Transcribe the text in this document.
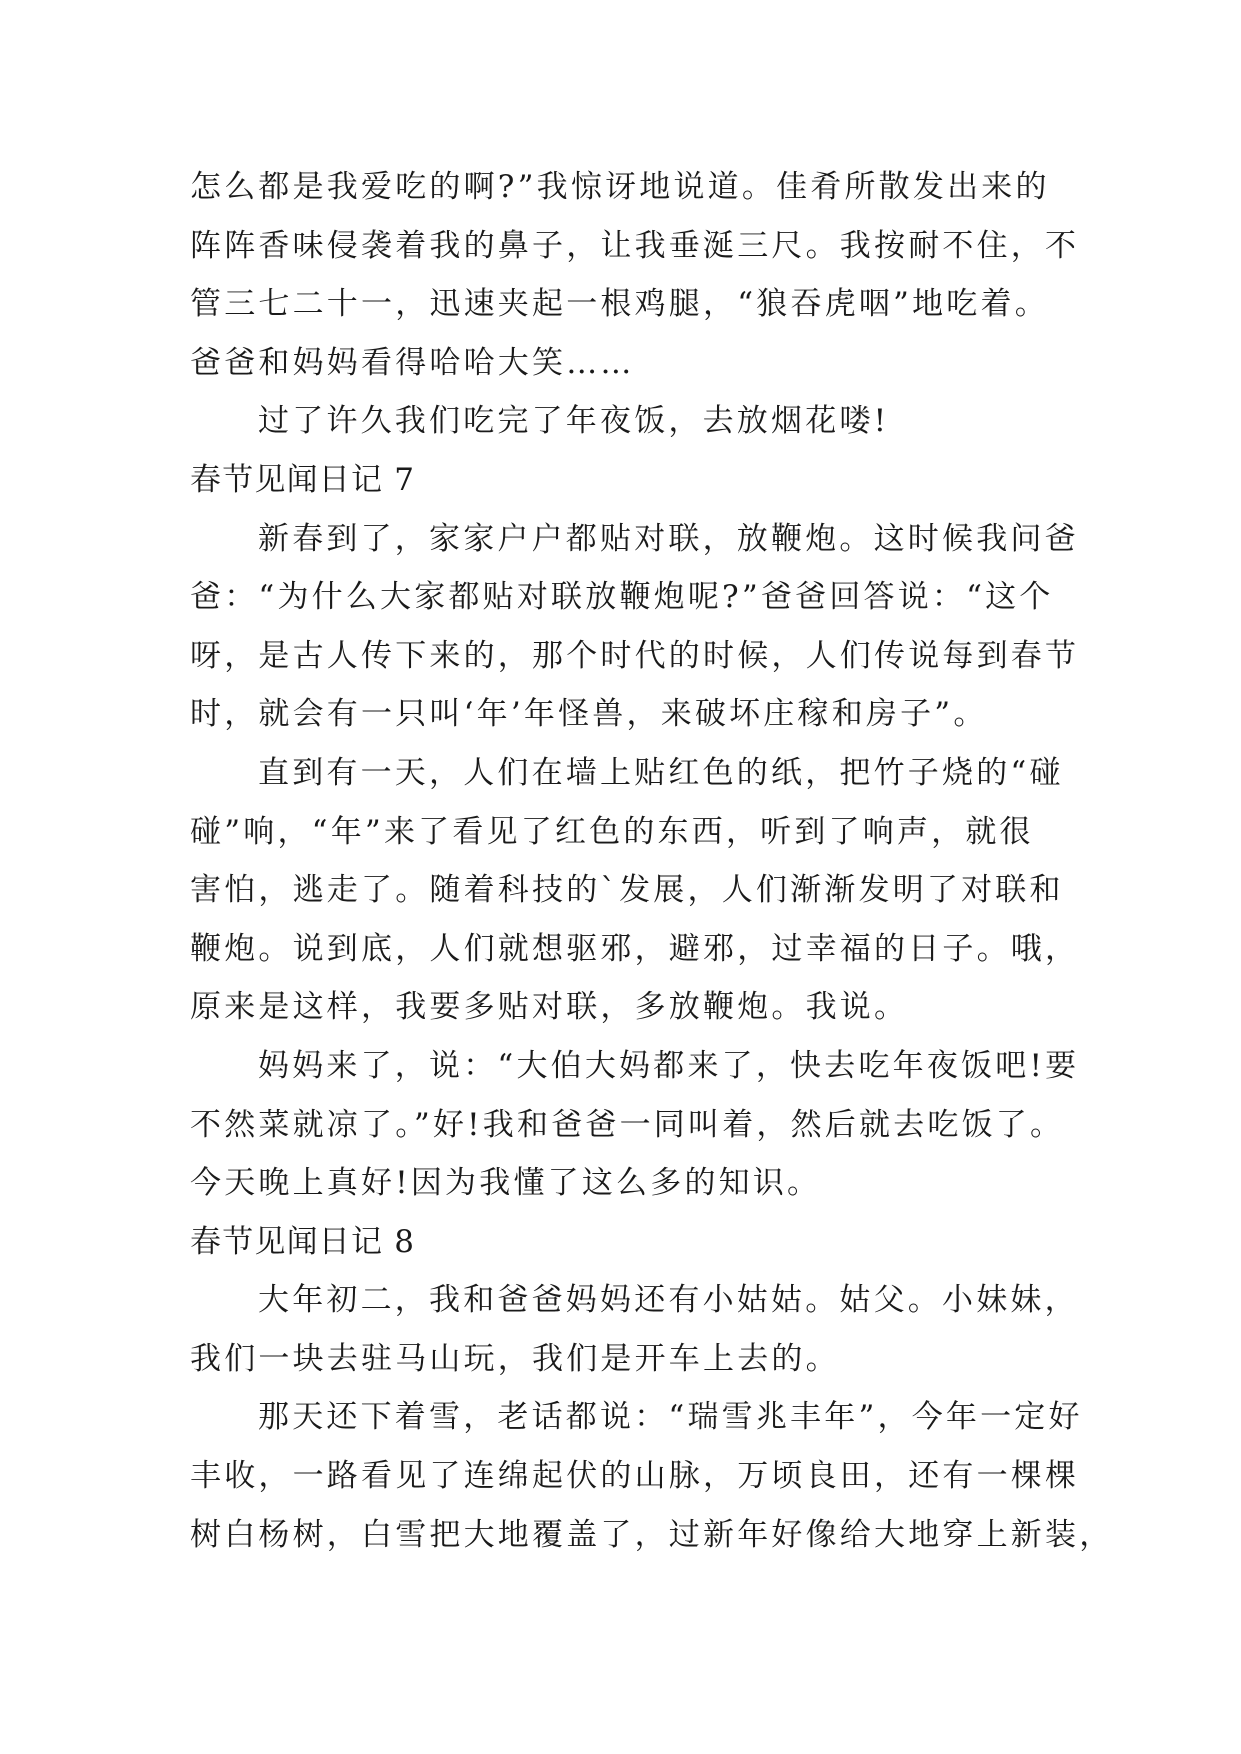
怎么都是我爱吃的啊?”我惊讶地说道。佳肴所散发出来的
阵阵香味侵袭着我的鼻子，让我垂涎三尺。我按耐不住，不
管三七二十一，迅速夹起一根鸡腿，“狼吞虎咽”地吃着。
爸爸和妈妈看得哈哈大笑……
过了许久我们吃完了年夜饭，去放烟花喽!
春节见闻日记 7
新春到了，家家户户都贴对联，放鞭炮。这时候我问爸
爸：“为什么大家都贴对联放鞭炮呢?”爸爸回答说：“这个
呀，是古人传下来的，那个时代的时候，人们传说每到春节
时，就会有一只叫‘年’年怪兽，来破坏庄稼和房子”。
直到有一天，人们在墙上贴红色的纸，把竹子烧的“碰
碰”响，“年”来了看见了红色的东西，听到了响声，就很
害怕，逃走了。随着科技的`发展，人们渐渐发明了对联和
鞭炮。说到底，人们就想驱邪，避邪，过幸福的日子。哦，
原来是这样，我要多贴对联，多放鞭炮。我说。
妈妈来了，说：“大伯大妈都来了，快去吃年夜饭吧!要
不然菜就凉了。”好!我和爸爸一同叫着，然后就去吃饭了。
今天晚上真好!因为我懂了这么多的知识。
春节见闻日记 8
大年初二，我和爸爸妈妈还有小姑姑。姑父。小妹妹，
我们一块去驻马山玩，我们是开车上去的。
那天还下着雪，老话都说：“瑞雪兆丰年”，今年一定好
丰收，一路看见了连绵起伏的山脉，万顷良田，还有一棵棵
树白杨树，白雪把大地覆盖了，过新年好像给大地穿上新装，
